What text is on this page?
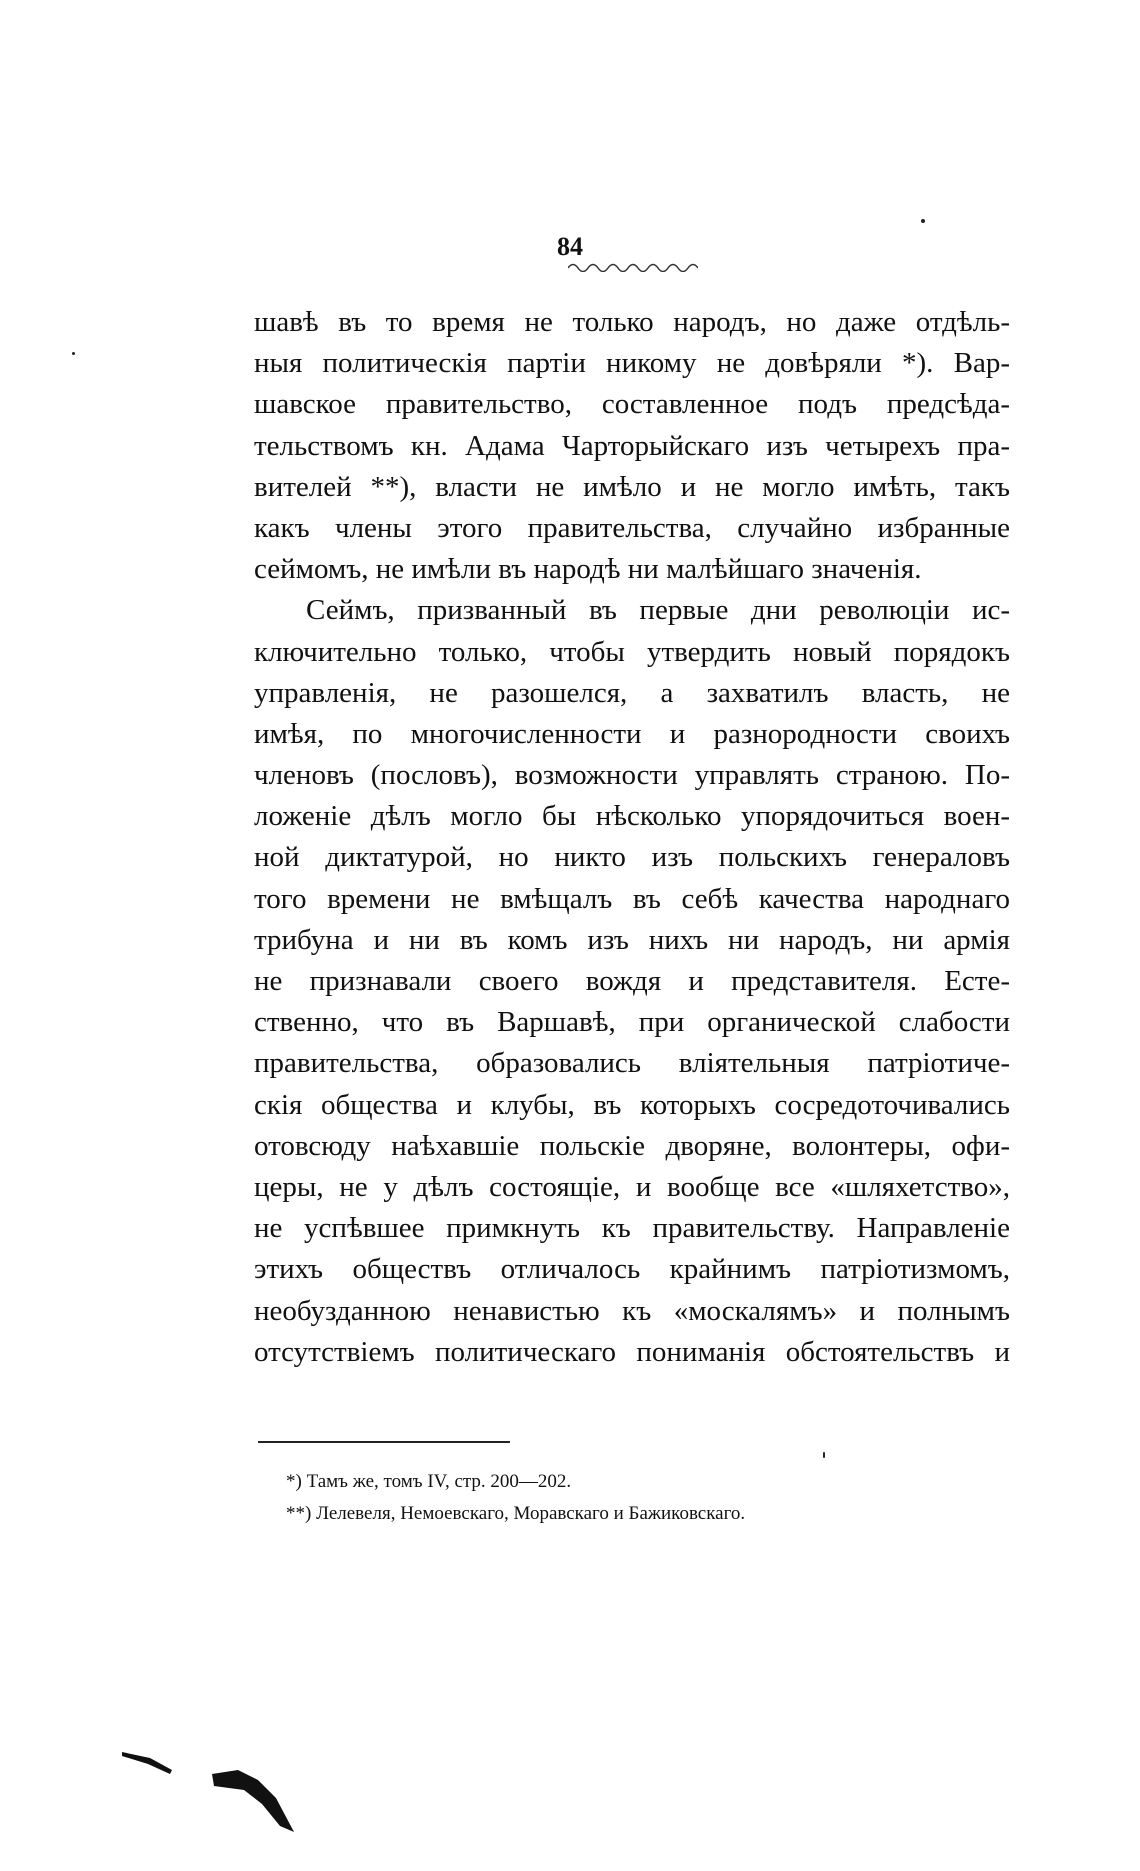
84
шавѣ въ то время не только народъ, но даже отдѣль-
ныя политическія партіи никому не довѣряли *). Вар-
шавское правительство, составленное подъ предсѣда-
тельствомъ кн. Адама Чарторыйскаго изъ четырехъ пра-
вителей **), власти не имѣло и не могло имѣть, такъ
какъ члены этого правительства, случайно избранные
сеймомъ, не имѣли въ народѣ ни малѣйшаго значенія.
Сеймъ, призванный въ первые дни революціи ис-
ключительно только, чтобы утвердить новый порядокъ
управленія, не разошелся, а захватилъ власть, не
имѣя, по многочисленности и разнородности своихъ
членовъ (пословъ), возможности управлять страною. По-
ложеніе дѣлъ могло бы нѣсколько упорядочиться воен-
ной диктатурой, но никто изъ польскихъ генераловъ
того времени не вмѣщалъ въ себѣ качества народнаго
трибуна и ни въ комъ изъ нихъ ни народъ, ни армія
не признавали своего вождя и представителя. Есте-
ственно, что въ Варшавѣ, при органической слабости
правительства, образовались вліятельныя патріотиче-
скія общества и клубы, въ которыхъ сосредоточивались
отовсюду наѣхавшіе польскіе дворяне, волонтеры, офи-
церы, не у дѣлъ состоящіе, и вообще все «шляхетство»,
не успѣвшее примкнуть къ правительству. Направленіе
этихъ обществъ отличалось крайнимъ патріотизмомъ,
необузданною ненавистью къ «москалямъ» и полнымъ
отсутствіемъ политическаго пониманія обстоятельствъ и
*) Тамъ же, томъ IV, стр. 200—202.
**) Лелевеля, Немоевскаго, Моравскаго и Бажиковскаго.
